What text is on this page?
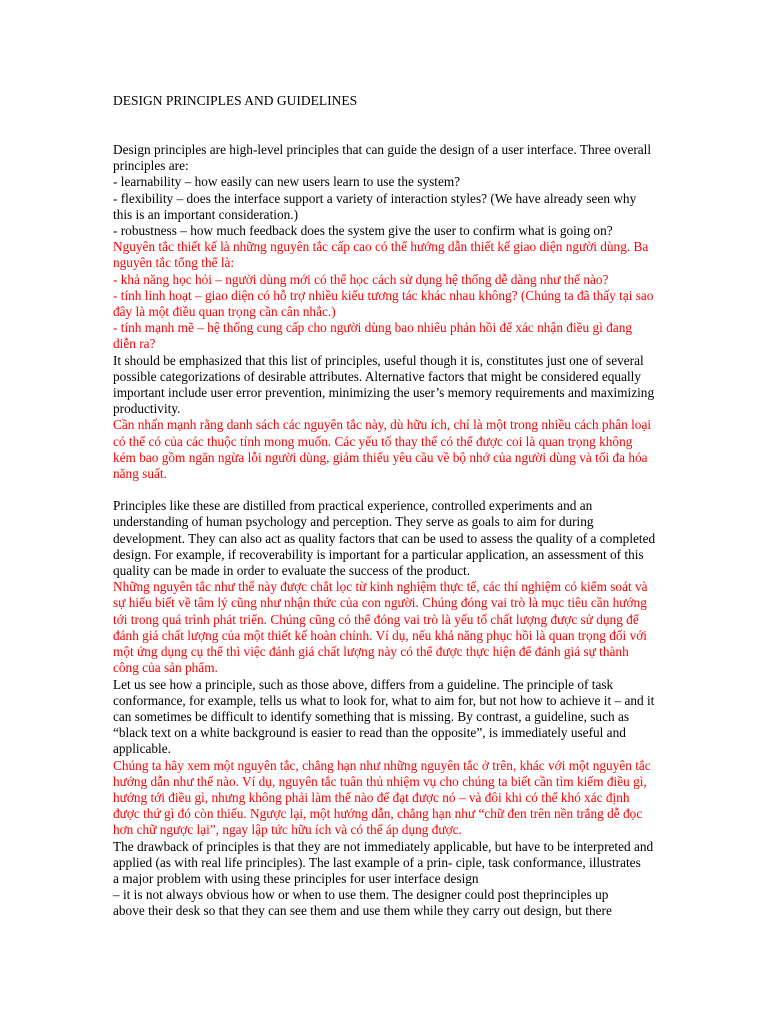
DESIGN PRINCIPLES AND GUIDELINES

Design principles are high-level principles that can guide the design of a user interface. Three overall
principles are:
- learnability – how easily can new users learn to use the system?
- flexibility – does the interface support a variety of interaction styles? (We have already seen why
this is an important consideration.)
- robustness – how much feedback does the system give the user to confirm what is going on?

Nguyên tắc thiết kế là những nguyên tắc cấp cao có thể hướng dẫn thiết kế giao diện người dùng. Ba
nguyên tắc tổng thể là:
- khả năng học hỏi – người dùng mới có thể học cách sử dụng hệ thống dễ dàng như thế nào?
- tính linh hoạt – giao diện có hỗ trợ nhiều kiểu tương tác khác nhau không? (Chúng ta đã thấy tại sao
đây là một điều quan trọng cần cân nhắc.)
- tính mạnh mẽ – hệ thống cung cấp cho người dùng bao nhiêu phản hồi để xác nhận điều gì đang
diễn ra?

It should be emphasized that this list of principles, useful though it is, constitutes just one of several
possible categorizations of desirable attributes. Alternative factors that might be considered equally
important include user error prevention, minimizing the user’s memory requirements and maximizing
productivity.

Cần nhấn mạnh rằng danh sách các nguyên tắc này, dù hữu ích, chỉ là một trong nhiều cách phân loại
có thể có của các thuộc tính mong muốn. Các yếu tố thay thế có thể được coi là quan trọng không
kém bao gồm ngăn ngừa lỗi người dùng, giảm thiểu yêu cầu về bộ nhớ của người dùng và tối đa hóa
năng suất.

Principles like these are distilled from practical experience, controlled experiments and an
understanding of human psychology and perception. They serve as goals to aim for during
development. They can also act as quality factors that can be used to assess the quality of a completed
design. For example, if recoverability is important for a particular application, an assessment of this
quality can be made in order to evaluate the success of the product.

Những nguyên tắc như thế này được chắt lọc từ kinh nghiệm thực tế, các thí nghiệm có kiểm soát và
sự hiểu biết về tâm lý cũng như nhận thức của con người. Chúng đóng vai trò là mục tiêu cần hướng
tới trong quá trình phát triển. Chúng cũng có thể đóng vai trò là yếu tố chất lượng được sử dụng để
đánh giá chất lượng của một thiết kế hoàn chỉnh. Ví dụ, nếu khả năng phục hồi là quan trọng đối với
một ứng dụng cụ thể thì việc đánh giá chất lượng này có thể được thực hiện để đánh giá sự thành
công của sản phẩm.

Let us see how a principle, such as those above, differs from a guideline. The principle of task
conformance, for example, tells us what to look for, what to aim for, but not how to achieve it – and it
can sometimes be difficult to identify something that is missing. By contrast, a guideline, such as
“black text on a white background is easier to read than the opposite”, is immediately useful and
applicable.

Chúng ta hãy xem một nguyên tắc, chẳng hạn như những nguyên tắc ở trên, khác với một nguyên tắc
hướng dẫn như thế nào. Ví dụ, nguyên tắc tuân thủ nhiệm vụ cho chúng ta biết cần tìm kiếm điều gì,
hướng tới điều gì, nhưng không phải làm thế nào để đạt được nó – và đôi khi có thể khó xác định
được thứ gì đó còn thiếu. Ngược lại, một hướng dẫn, chẳng hạn như “chữ đen trên nền trắng dễ đọc
hơn chữ ngược lại”, ngay lập tức hữu ích và có thể áp dụng được.

The drawback of principles is that they are not immediately applicable, but have to be interpreted and
applied (as with real life principles). The last example of a prin- ciple, task conformance, illustrates
a major problem with using these principles for user interface design
– it is not always obvious how or when to use them. The designer could post theprinciples up
above their desk so that they can see them and use them while they carry out design, but there
